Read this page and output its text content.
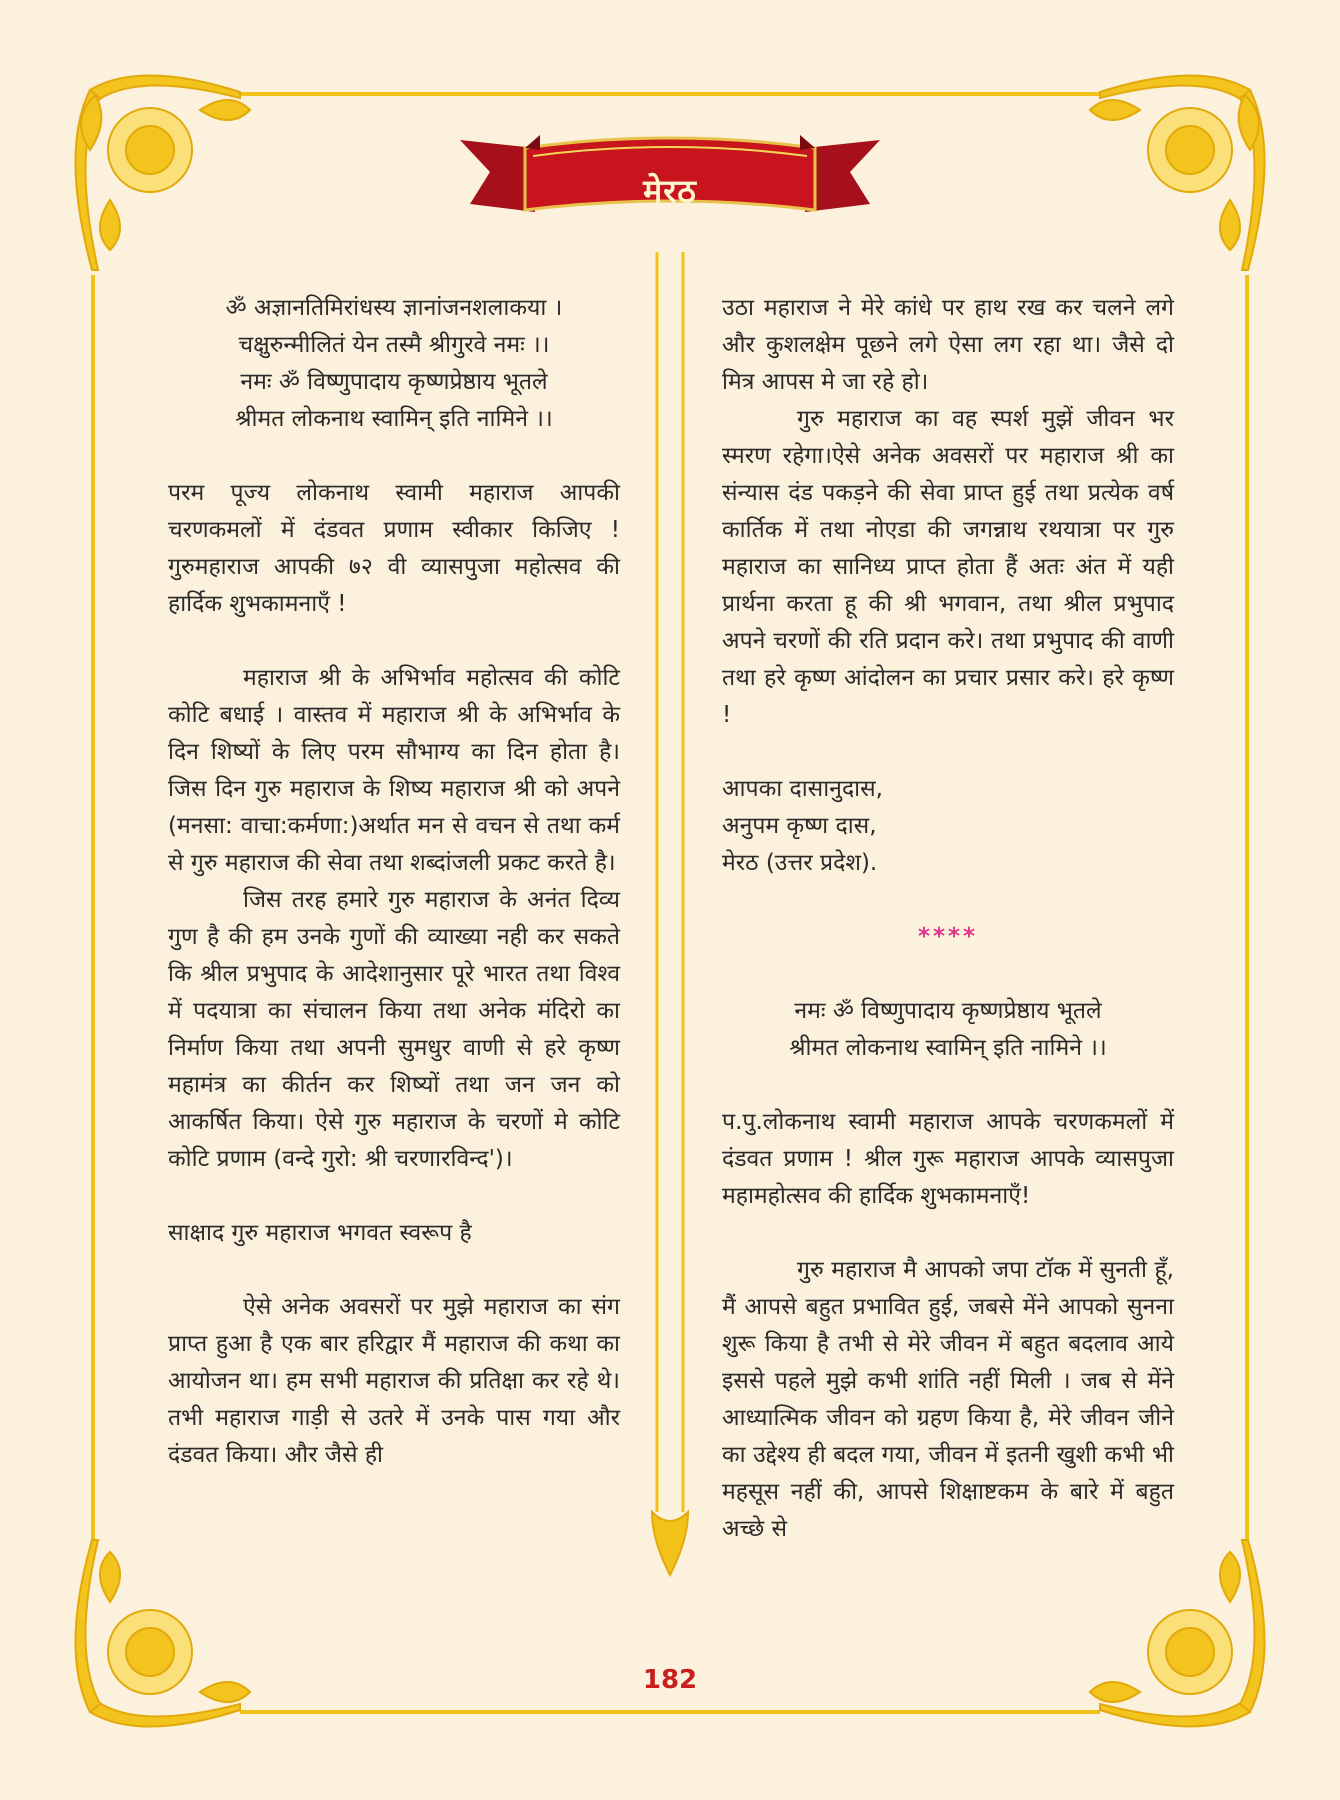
मेरठ

ॐ अज्ञानतिमिरांधस्य ज्ञानांजनशलाकया ।

चक्षुरुन्मीलितं येन तस्मै श्रीगुरवे नमः ।।

नमः ॐ विष्णुपादाय कृष्णप्रेष्ठाय भूतले

श्रीमत लोकनाथ स्वामिन् इति नामिने ।।

परम पूज्य लोकनाथ स्वामी महाराज आपकी चरणकमलों में दंडवत प्रणाम स्वीकार किजिए ! गुरुमहाराज आपकी ७२ वी व्यासपुजा महोत्सव की हार्दिक शुभकामनाएँ !

महाराज श्री के अभिर्भाव महोत्सव की कोटि कोटि बधाई । वास्तव में महाराज श्री के अभिर्भाव के दिन शिष्यों के लिए परम सौभाग्य का दिन होता है। जिस दिन गुरु महाराज के शिष्य महाराज श्री को अपने (मनसा: वाचा:कर्मणा:)अर्थात मन से वचन से तथा कर्म से गुरु महाराज की सेवा तथा शब्दांजली प्रकट करते है।

जिस तरह हमारे गुरु महाराज के अनंत दिव्य गुण है की हम उनके गुणों की व्याख्या नही कर सकते कि श्रील प्रभुपाद के आदेशानुसार पूरे भारत तथा विश्व में पदयात्रा का संचालन किया तथा अनेक मंदिरो का निर्माण किया तथा अपनी सुमधुर वाणी से हरे कृष्ण महामंत्र का कीर्तन कर शिष्यों तथा जन जन को आकर्षित किया। ऐसे गुरु महाराज के चरणों मे कोटि कोटि प्रणाम (वन्दे गुरो: श्री चरणारविन्द')।

साक्षाद गुरु महाराज भगवत स्वरूप है

ऐसे अनेक अवसरों पर मुझे महाराज का संग प्राप्त हुआ है एक बार हरिद्वार मैं महाराज की कथा का आयोजन था। हम सभी महाराज की प्रतिक्षा कर रहे थे। तभी महाराज गाड़ी से उतरे में उनके पास गया और दंडवत किया। और जैसे ही

उठा महाराज ने मेरे कांधे पर हाथ रख कर चलने लगे और कुशलक्षेम पूछने लगे ऐसा लग रहा था। जैसे दो मित्र आपस मे जा रहे हो।

गुरु महाराज का वह स्पर्श मुझें जीवन भर स्मरण रहेगा।ऐसे अनेक अवसरों पर महाराज श्री का संन्यास दंड पकड़ने की सेवा प्राप्त हुई तथा प्रत्येक वर्ष कार्तिक में तथा नोएडा की जगन्नाथ रथयात्रा पर गुरु महाराज का सानिध्य प्राप्त होता हैं अतः अंत में यही प्रार्थना करता हू की श्री भगवान, तथा श्रील प्रभुपाद अपने चरणों की रति प्रदान करे। तथा प्रभुपाद की वाणी तथा हरे कृष्ण आंदोलन का प्रचार प्रसार करे। हरे कृष्ण !

आपका दासानुदास,

अनुपम कृष्ण दास,

मेरठ (उत्तर प्रदेश).

****

नमः ॐ विष्णुपादाय कृष्णप्रेष्ठाय भूतले

श्रीमत लोकनाथ स्वामिन् इति नामिने ।।

प.पु.लोकनाथ स्वामी महाराज आपके चरणकमलों में दंडवत प्रणाम ! श्रील गुरू महाराज आपके व्यासपुजा महामहोत्सव की हार्दिक शुभकामनाएँ!

गुरु महाराज मै आपको जपा टॉक में सुनती हूँ, मैं आपसे बहुत प्रभावित हुई, जबसे मेंने आपको सुनना शुरू किया है तभी से मेरे जीवन में बहुत बदलाव आये इससे पहले मुझे कभी शांति नहीं मिली । जब से मेंने आध्यात्मिक जीवन को ग्रहण किया है, मेरे जीवन जीने का उद्देश्य ही बदल गया, जीवन में इतनी खुशी कभी भी महसूस नहीं की, आपसे शिक्षाष्टकम के बारे में बहुत अच्छे से

182
